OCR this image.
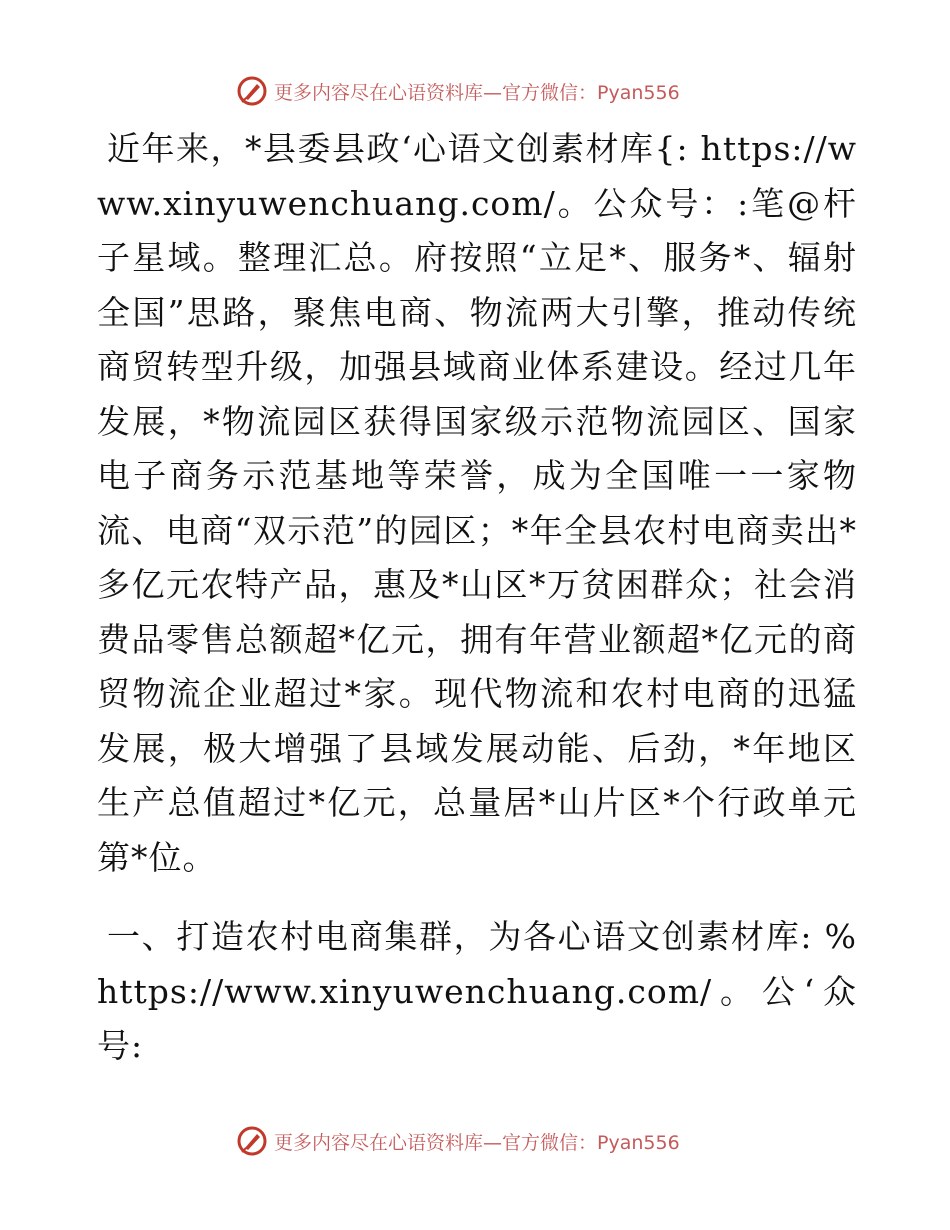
更多内容尽在心语资料库—官方微信：Pyan556

近年来，*县委县政‘心语文创素材库{: https://www.xinyuwenchuang.com/。公众号：:笔@杆子星域。整理汇总。府按照“立足*、服务*、辐射全国”思路，聚焦电商、物流两大引擎，推动传统商贸转型升级，加强县域商业体系建设。经过几年发展，*物流园区获得国家级示范物流园区、国家电子商务示范基地等荣誉，成为全国唯一一家物流、电商“双示范”的园区；*年全县农村电商卖出*多亿元农特产品，惠及*山区*万贫困群众；社会消费品零售总额超*亿元，拥有年营业额超*亿元的商贸物流企业超过*家。现代物流和农村电商的迅猛发展，极大增强了县域发展动能、后劲，*年地区生产总值超过*亿元，总量居*山片区*个行政单元第*位。

一、打造农村电商集群，为各心语文创素材库: %https://www.xinyuwenchuang.com/。公‘众号:

更多内容尽在心语资料库—官方微信：Pyan556
